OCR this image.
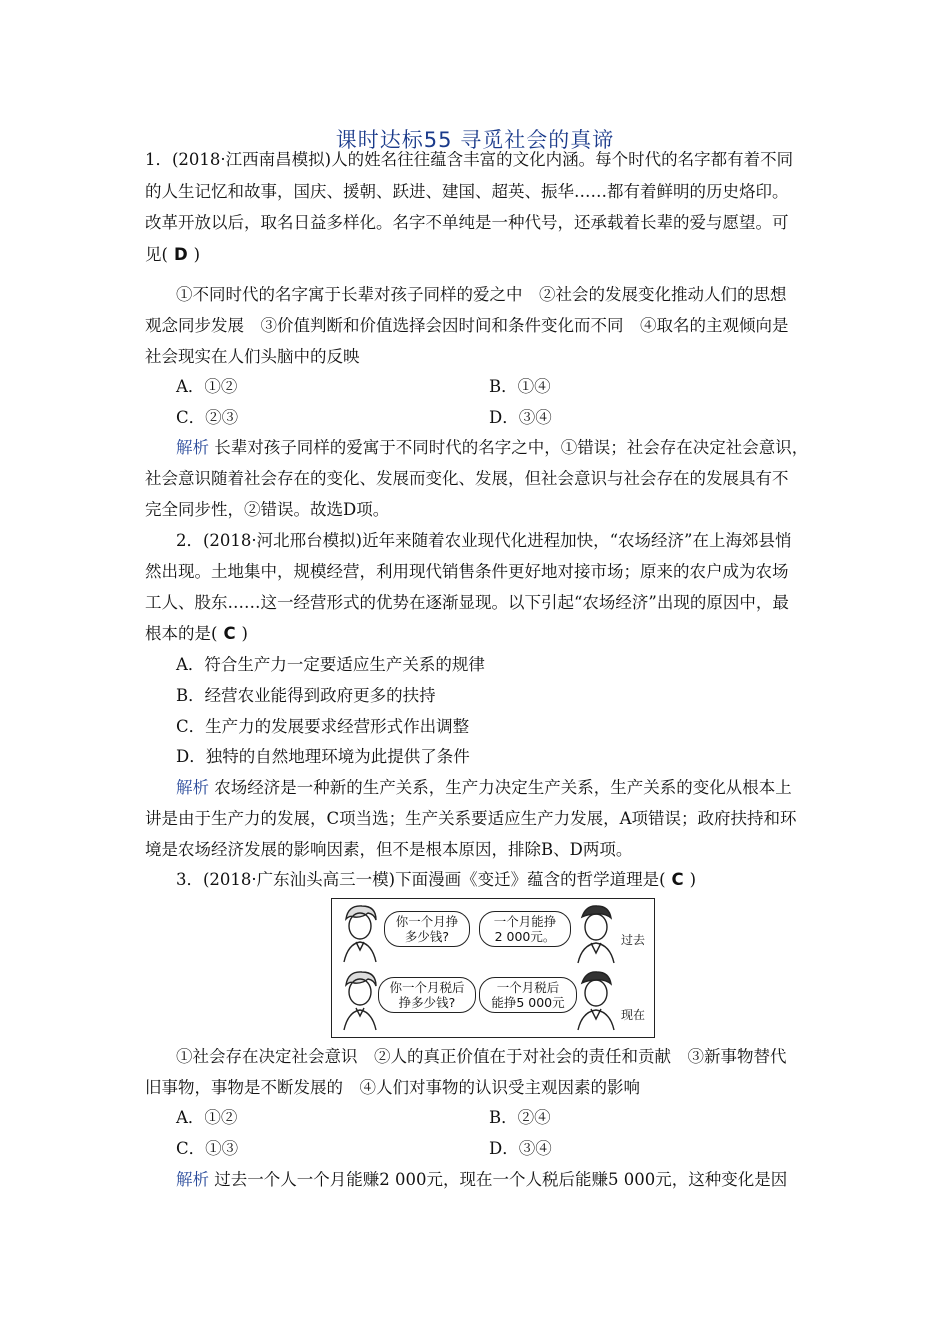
课时达标55 寻觅社会的真谛
1．(2018·江西南昌模拟)人的姓名往往蕴含丰富的文化内涵。每个时代的名字都有着不同
的人生记忆和故事，国庆、援朝、跃进、建国、超英、振华……都有着鲜明的历史烙印。
改革开放以后，取名日益多样化。名字不单纯是一种代号，还承载着长辈的爱与愿望。可
见( D )
①不同时代的名字寓于长辈对孩子同样的爱之中　②社会的发展变化推动人们的思想
观念同步发展　③价值判断和价值选择会因时间和条件变化而不同　④取名的主观倾向是
社会现实在人们头脑中的反映
A．①②	B．①④
C．②③	D．③④
解析 长辈对孩子同样的爱寓于不同时代的名字之中，①错误；社会存在决定社会意识，
社会意识随着社会存在的变化、发展而变化、发展，但社会意识与社会存在的发展具有不
完全同步性，②错误。故选D项。
2．(2018·河北邢台模拟)近年来随着农业现代化进程加快，“农场经济”在上海郊县悄
然出现。土地集中，规模经营，利用现代销售条件更好地对接市场；原来的农户成为农场
工人、股东……这一经营形式的优势在逐渐显现。以下引起“农场经济”出现的原因中，最
根本的是( C )
A．符合生产力一定要适应生产关系的规律
B．经营农业能得到政府更多的扶持
C．生产力的发展要求经营形式作出调整
D．独特的自然地理环境为此提供了条件
解析 农场经济是一种新的生产关系，生产力决定生产关系，生产关系的变化从根本上
讲是由于生产力的发展，C项当选；生产关系要适应生产力发展，A项错误；政府扶持和环
境是农场经济发展的影响因素，但不是根本原因，排除B、D两项。
3．(2018·广东汕头高三一模)下面漫画《变迁》蕴含的哲学道理是( C )
你一个月挣
多少钱?
一个月能挣
2 000元。
你一个月税后
挣多少钱?
一个月税后
能挣5 000元
过去
现在
①社会存在决定社会意识　②人的真正价值在于对社会的责任和贡献　③新事物替代
旧事物，事物是不断发展的　④人们对事物的认识受主观因素的影响
A．①②	B．②④
C．①③	D．③④
解析 过去一个人一个月能赚2 000元，现在一个人税后能赚5 000元，这种变化是因
